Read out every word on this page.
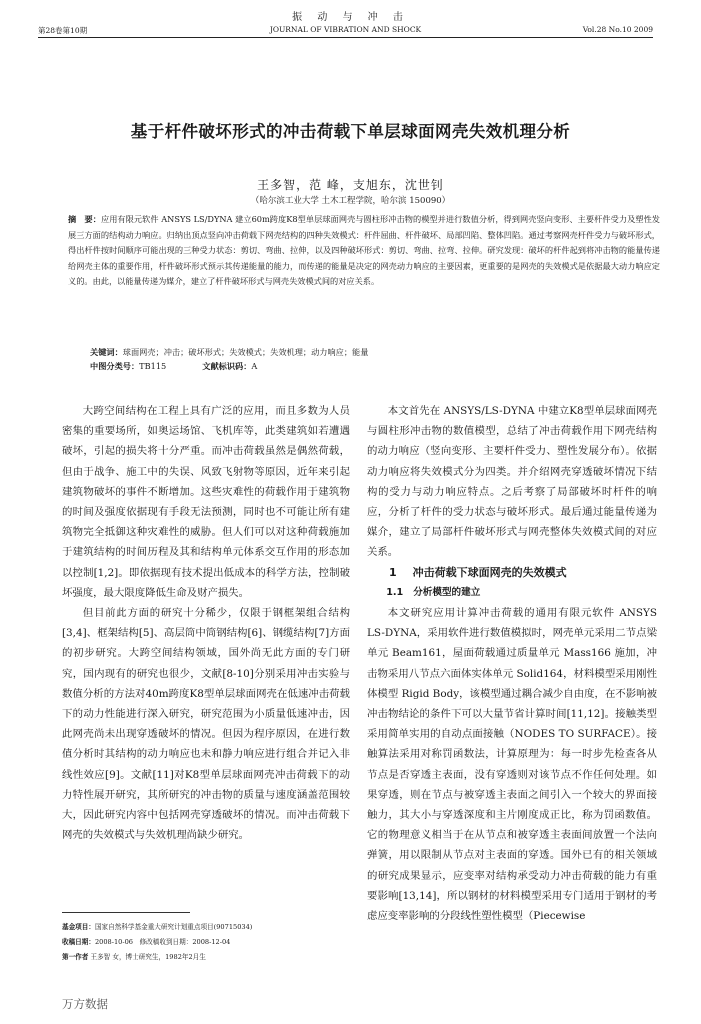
振 动 与 冲 击
第28卷第10期	JOURNAL OF VIBRATION AND SHOCK	Vol.28 No.10 2009
基于杆件破坏形式的冲击荷载下单层球面网壳失效机理分析
王多智，范 峰，支旭东，沈世钊
（哈尔滨工业大学 土木工程学院，哈尔滨 150090）
摘　要：应用有限元软件 ANSYS LS/DYNA 建立60m跨度K8型单层球面网壳与圆柱形冲击物的模型并进行数值分析，得到网壳竖向变形、主要杆件受力及塑性发展三方面的结构动力响应。归纳出顶点竖向冲击荷载下网壳结构的四种失效模式：杆件屈曲、杆件破坏、局部凹陷、整体凹陷。通过考察网壳杆件受力与破坏形式，得出杆件按时间顺序可能出现的三种受力状态：剪切、弯曲、拉伸，以及四种破坏形式：剪切、弯曲、拉弯、拉伸。研究发现：破坏的杆件起到将冲击物的能量传递给网壳主体的重要作用，杆件破坏形式预示其传递能量的能力，而传递的能量是决定的网壳动力响应的主要因素，更重要的是网壳的失效模式是依据最大动力响应定义的。由此，以能量传递为媒介，建立了杆件破坏形式与网壳失效模式间的对应关系。
关键词：球面网壳；冲击；破坏形式；失效模式；失效机理；动力响应；能量
中图分类号：TB115	文献标识码：A

大跨空间结构在工程上具有广泛的应用，而且多数为人员密集的重要场所，如奥运场馆、飞机库等，此类建筑如若遭遇破坏，引起的损失将十分严重。而冲击荷载虽然是偶然荷载，但由于战争、施工中的失误、风致飞射物等原因，近年来引起建筑物破坏的事件不断增加。这些灾难性的荷载作用于建筑物的时间及强度依据现有手段无法预测，同时也不可能让所有建筑物完全抵御这种灾难性的威胁。但人们可以对这种荷载施加于建筑结构的时间历程及其和结构单元体系交互作用的形态加以控制[1,2]。即依据现有技术提出低成本的科学方法，控制破坏强度，最大限度降低生命及财产损失。

但目前此方面的研究十分稀少，仅限于钢框架组合结构[3,4]、框架结构[5]、高层筒中筒钢结构[6]、钢缆结构[7]方面的初步研究。大跨空间结构领域，国外尚无此方面的专门研究，国内现有的研究也很少，文献[8-10]分别采用冲击实验与数值分析的方法对40m跨度K8型单层球面网壳在低速冲击荷载下的动力性能进行深入研究，研究范围为小质量低速冲击，因此网壳尚未出现穿透破坏的情况。但因为程序原因，在进行数值分析时其结构的动力响应也未和静力响应进行组合并记入非线性效应[9]。文献[11]对K8型单层球面网壳冲击荷载下的动力特性展开研究，其所研究的冲击物的质量与速度涵盖范围较大，因此研究内容中包括网壳穿透破坏的情况。而冲击荷载下网壳的失效模式与失效机理尚缺少研究。

本文首先在 ANSYS/LS-DYNA 中建立K8型单层球面网壳与圆柱形冲击物的数值模型，总结了冲击荷载作用下网壳结构的动力响应（竖向变形、主要杆件受力、塑性发展分布）。依据动力响应将失效模式分为四类。并介绍网壳穿透破坏情况下结构的受力与动力响应特点。之后考察了局部破坏时杆件的响应，分析了杆件的受力状态与破坏形式。最后通过能量传递为媒介，建立了局部杆件破坏形式与网壳整体失效模式间的对应关系。

1 冲击荷载下球面网壳的失效模式

1.1 分析模型的建立

本文研究应用计算冲击荷载的通用有限元软件 ANSYS LS-DYNA，采用软件进行数值模拟时，网壳单元采用二节点梁单元 Beam161，屋面荷载通过质量单元 Mass166 施加，冲击物采用八节点六面体实体单元 Solid164，材料模型采用刚性体模型 Rigid Body，该模型通过耦合减少自由度，在不影响被冲击物结论的条件下可以大量节省计算时间[11,12]。接触类型采用简单实用的自动点面接触（NODES TO SURFACE）。接触算法采用对称罚函数法，计算原理为：每一时步先检查各从节点是否穿透主表面，没有穿透则对该节点不作任何处理。如果穿透，则在节点与被穿透主表面之间引入一个较大的界面接触力，其大小与穿透深度和主片刚度成正比，称为罚函数值。它的物理意义相当于在从节点和被穿透主表面间放置一个法向弹簧，用以限制从节点对主表面的穿透。国外已有的相关领域的研究成果显示，应变率对结构承受动力冲击荷载的能力有重要影响[13,14]，所以钢材的材料模型采用专门适用于钢材的考虑应变率影响的分段线性塑性模型（Piecewise

基金项目：国家自然科学基金重大研究计划重点项目(90715034)
收稿日期：2008-10-06　修改稿收到日期：2008-12-04
第一作者 王多智 女，博士研究生，1982年2月生
万方数据
